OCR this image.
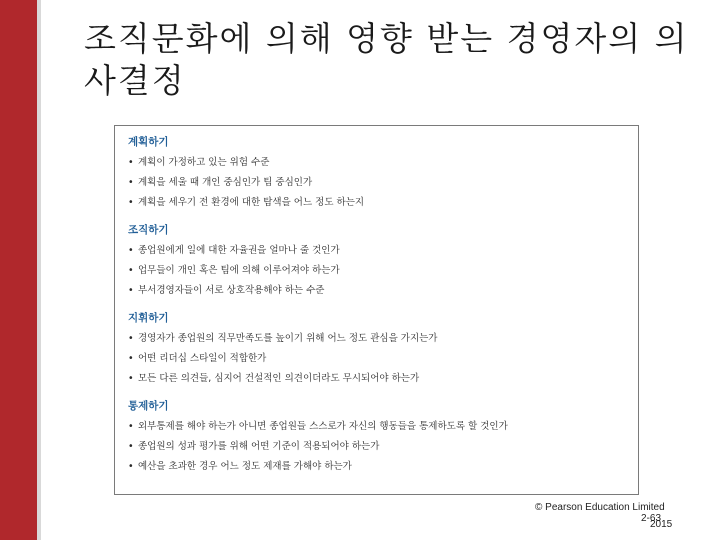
조직문화에 의해 영향 받는 경영자의 의사결정
계획하기
• 계획이 가정하고 있는 위험 수준
• 계획을 세울 때 개인 중심인가 팀 중심인가
• 계획을 세우기 전 환경에 대한 탐색을 어느 정도 하는지
조직하기
• 종업원에게 일에 대한 자율권을 얼마나 줄 것인가
• 업무들이 개인 혹은 팀에 의해 이루어져야 하는가
• 부서경영자들이 서로 상호작용해야 하는 수준
지휘하기
• 경영자가 종업원의 직무만족도를 높이기 위해 어느 정도 관심을 가지는가
• 어떤 리더십 스타일이 적합한가
• 모든 다른 의견들, 심지어 건설적인 의견이더라도 무시되어야 하는가
통제하기
• 외부통제를 해야 하는가 아니면 종업원들 스스로가 자신의 행동들을 통제하도록 할 것인가
• 종업원의 성과 평가를 위해 어떤 기준이 적용되어야 하는가
• 예산을 초과한 경우 어느 정도 제재를 가해야 하는가
© Pearson Education Limited
2-63
2015
